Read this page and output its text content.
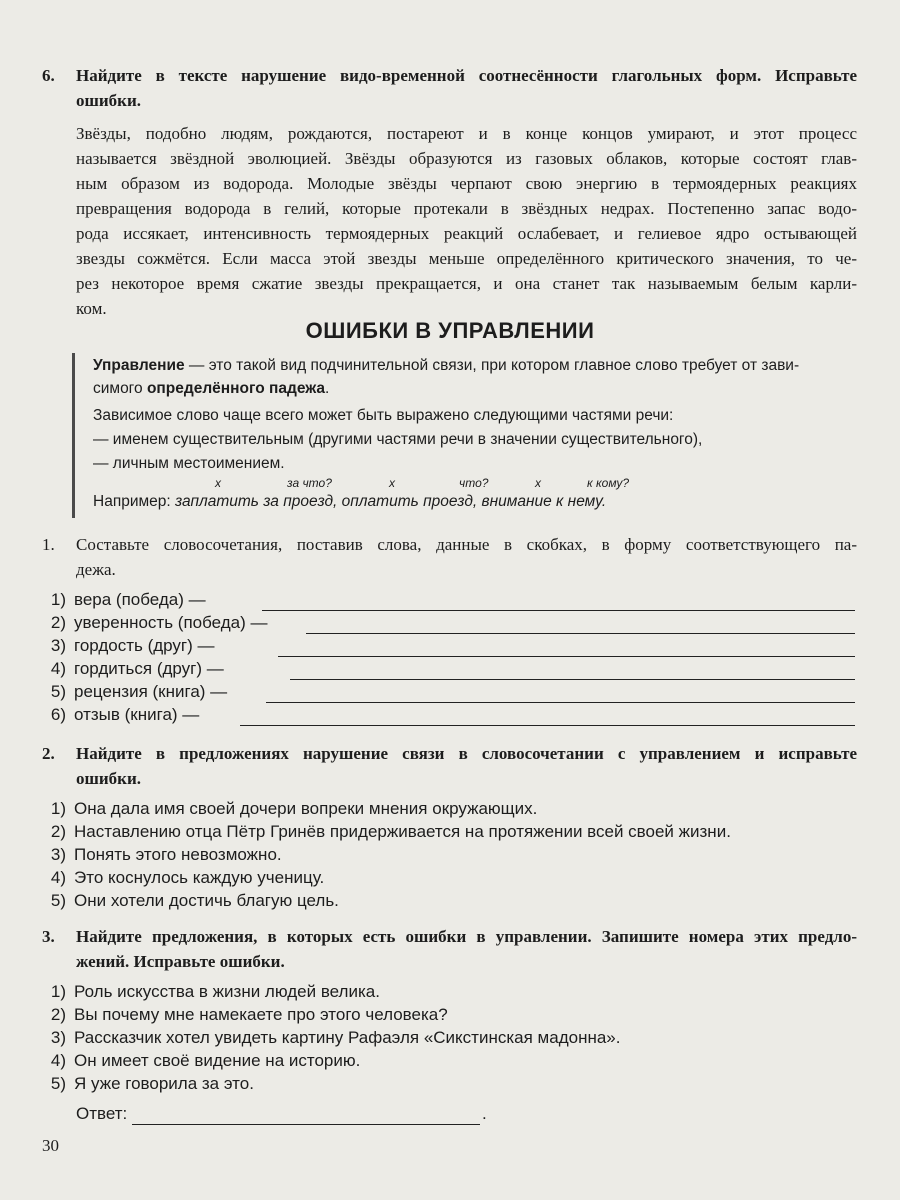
6. Найдите в тексте нарушение видо-временной соотнесённости глагольных форм. Исправьте
ошибки.
Звёзды, подобно людям, рождаются, постареют и в конце концов умирают, и этот процесс
называется звёздной эволюцией. Звёзды образуются из газовых облаков, которые состоят глав-
ным образом из водорода. Молодые звёзды черпают свою энергию в термоядерных реакциях
превращения водорода в гелий, которые протекали в звёздных недрах. Постепенно запас водо-
рода иссякает, интенсивность термоядерных реакций ослабевает, и гелиевое ядро остывающей
звезды сожмётся. Если масса этой звезды меньше определённого критического значения, то че-
рез некоторое время сжатие звезды прекращается, и она станет так называемым белым карли-
ком.
ОШИБКИ В УПРАВЛЕНИИ
Управление — это такой вид подчинительной связи, при котором главное слово требует от зави-
симого определённого падежа.
Зависимое слово чаще всего может быть выражено следующими частями речи:
— именем существительным (другими частями речи в значении существительного),
— личным местоимением.
x	за что?	x	что?	x	к кому?
Например: заплатить за проезд, оплатить проезд, внимание к нему.
1. Составьте словосочетания, поставив слова, данные в скобках, в форму соответствующего па-
дежа.
1) вера (победа) —
2) уверенность (победа) —
3) гордость (друг) —
4) гордиться (друг) —
5) рецензия (книга) —
6) отзыв (книга) —
2. Найдите в предложениях нарушение связи в словосочетании с управлением и исправьте
ошибки.
1) Она дала имя своей дочери вопреки мнения окружающих.
2) Наставлению отца Пётр Гринёв придерживается на протяжении всей своей жизни.
3) Понять этого невозможно.
4) Это коснулось каждую ученицу.
5) Они хотели достичь благую цель.
3. Найдите предложения, в которых есть ошибки в управлении. Запишите номера этих предло-
жений. Исправьте ошибки.
1) Роль искусства в жизни людей велика.
2) Вы почему мне намекаете про этого человека?
3) Рассказчик хотел увидеть картину Рафаэля «Сикстинская мадонна».
4) Он имеет своё видение на историю.
5) Я уже говорила за это.
Ответ:	.
30
